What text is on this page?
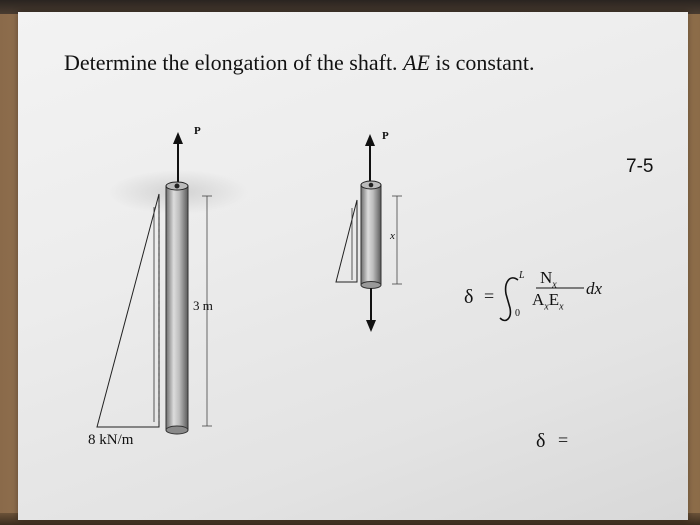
Determine the elongation of the shaft. AE is constant.
7-5
P
3 m
8 kN/m
P
x
δ =
L
0
$N_x$
$A_xE_x$
dx
δ =
